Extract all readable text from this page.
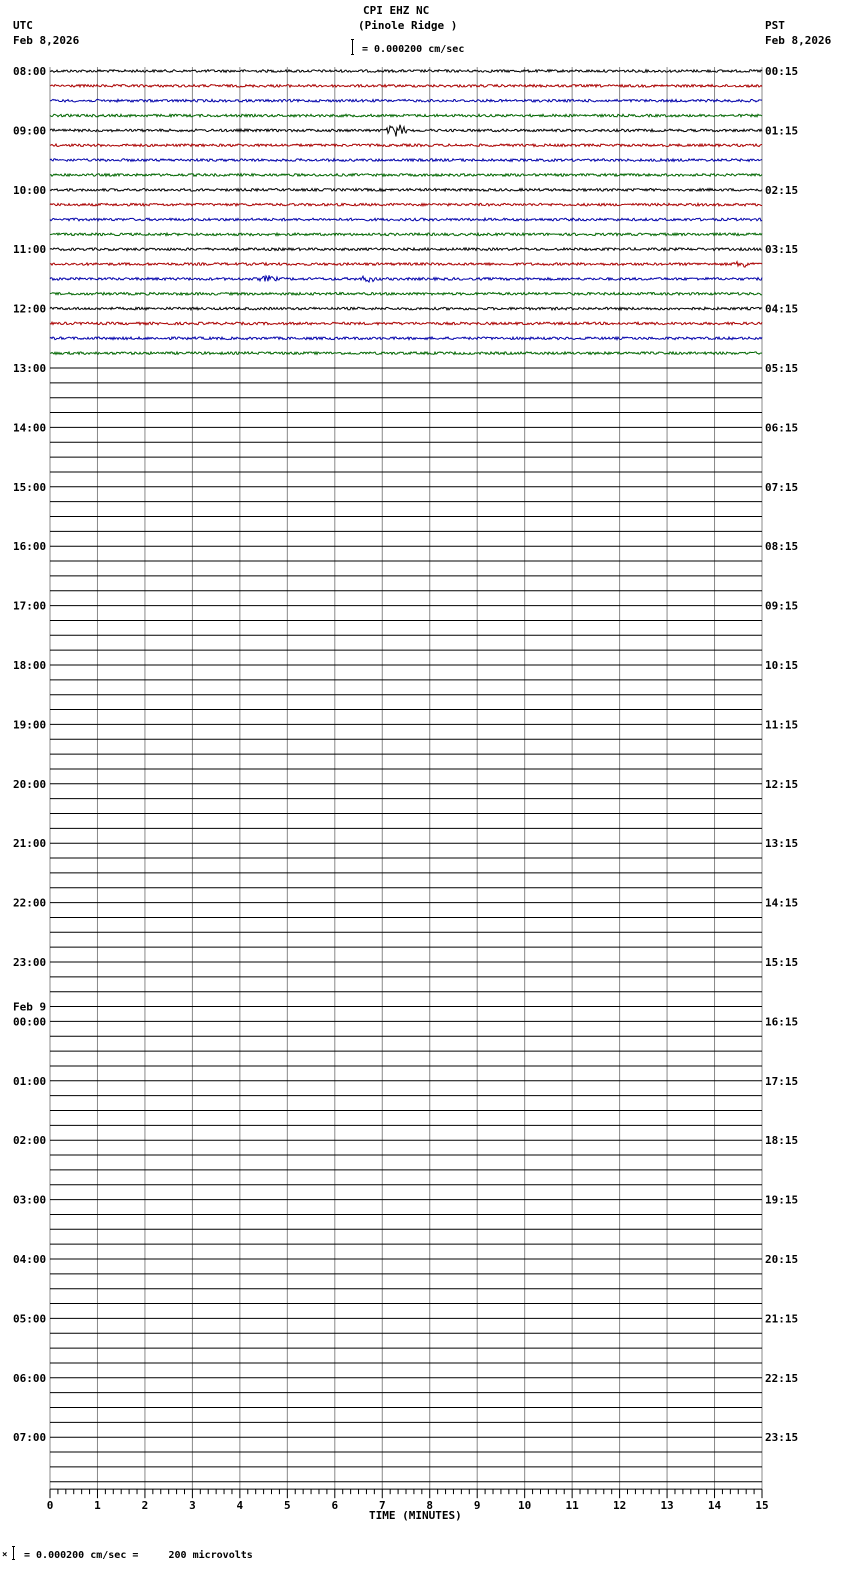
CPI EHZ NC
(Pinole Ridge )
= 0.000200 cm/sec
UTC
Feb 8,2026
PST
Feb 8,2026
08:00
09:00
10:00
11:00
12:00
13:00
14:00
15:00
16:00
17:00
18:00
19:00
20:00
21:00
22:00
23:00
00:00
01:00
02:00
03:00
04:00
05:00
06:00
07:00
00:15
01:15
02:15
03:15
04:15
05:15
06:15
07:15
08:15
09:15
10:15
11:15
12:15
13:15
14:15
15:15
16:15
17:15
18:15
19:15
20:15
21:15
22:15
23:15
Feb 9
0	1	2	3	4	5	6	7	8	9	10	11	12	13	14	15
TIME (MINUTES)
× = 0.000200 cm/sec =     200 microvolts
